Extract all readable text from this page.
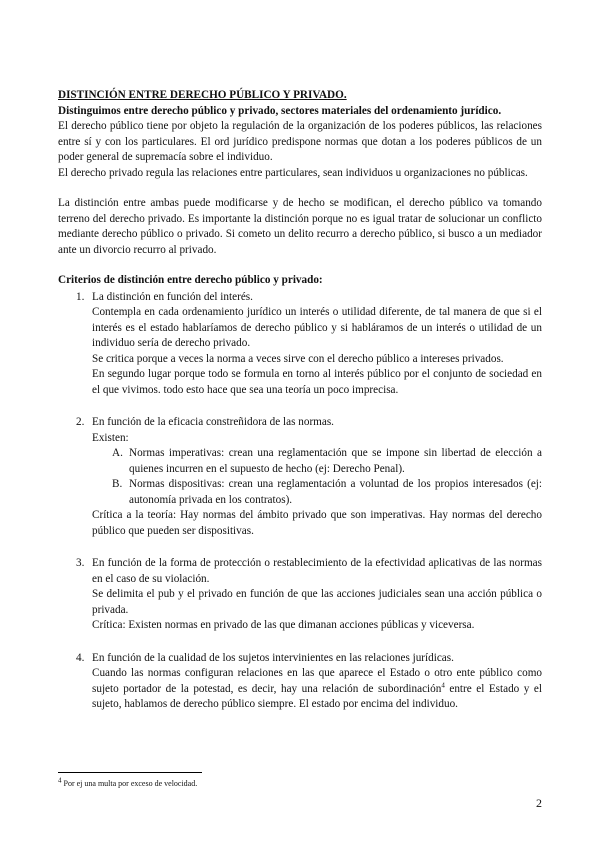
DISTINCIÓN ENTRE DERECHO PÚBLICO Y PRIVADO.

Distinguimos entre derecho público y privado, sectores materiales del ordenamiento jurídico.

El derecho público tiene por objeto la regulación de la organización de los poderes públicos, las relaciones entre sí y con los particulares. El ord jurídico predispone normas que dotan a los poderes públicos de un poder general de supremacía sobre el individuo.

El derecho privado regula las relaciones entre particulares, sean individuos u organizaciones no públicas.

La distinción entre ambas puede modificarse y de hecho se modifican, el derecho público va tomando terreno del derecho privado. Es importante la distinción porque no es igual tratar de solucionar un conflicto mediante derecho público o privado. Si cometo un delito recurro a derecho público, si busco a un mediador ante un divorcio recurro al privado.

Criterios de distinción entre derecho público y privado:

1. La distinción en función del interés.

Contempla en cada ordenamiento jurídico un interés o utilidad diferente, de tal manera de que si el interés es el estado hablaríamos de derecho público y si habláramos de un interés o utilidad de un individuo sería de derecho privado.

Se critica porque a veces la norma a veces sirve con el derecho público a intereses privados.

En segundo lugar porque todo se formula en torno al interés público por el conjunto de sociedad en el que vivimos. todo esto hace que sea una teoría un poco imprecisa.

2. En función de la eficacia constreñidora de las normas.

Existen:

A. Normas imperativas: crean una reglamentación que se impone sin libertad de elección a quienes incurren en el supuesto de hecho (ej: Derecho Penal).

B. Normas dispositivas: crean una reglamentación a voluntad de los propios interesados (ej: autonomía privada en los contratos).

Crítica a la teoría: Hay normas del ámbito privado que son imperativas. Hay normas del derecho público que pueden ser dispositivas.

3. En función de la forma de protección o restablecimiento de la efectividad aplicativas de las normas en el caso de su violación.

Se delimita el pub y el privado en función de que las acciones judiciales sean una acción pública o privada.

Crítica: Existen normas en privado de las que dimanan acciones públicas y viceversa.

4. En función de la cualidad de los sujetos intervinientes en las relaciones jurídicas.

Cuando las normas configuran relaciones en las que aparece el Estado o otro ente público como sujeto portador de la potestad, es decir, hay una relación de subordinación$^4$ entre el Estado y el sujeto, hablamos de derecho público siempre. El estado por encima del individuo.

$^4$ Por ej una multa por exceso de velocidad.
2
